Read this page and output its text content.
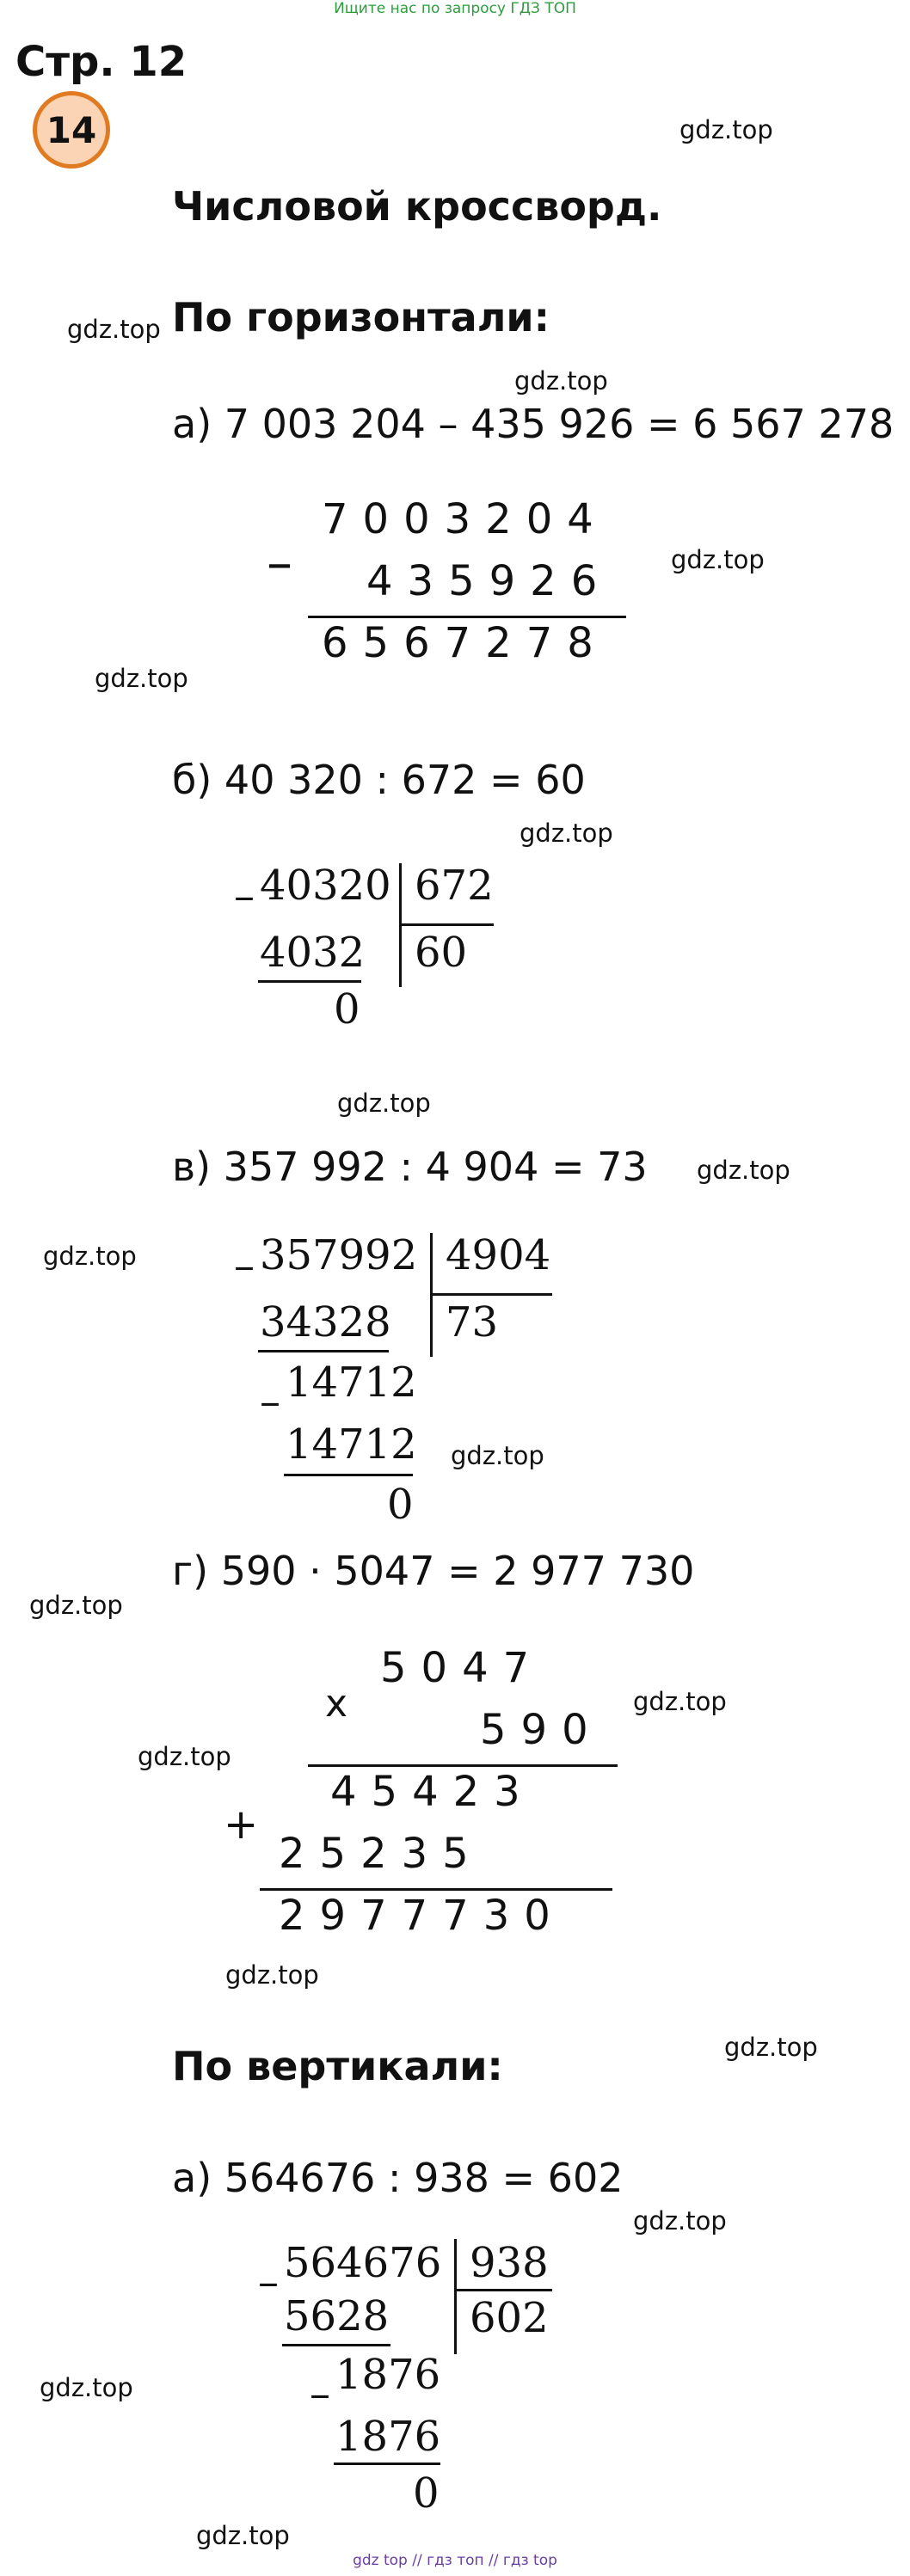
Ищите нас по запросу ГДЗ ТОП
Стр. 12
14
Числовой кроссворд.
По горизонтали:
gdz.top
gdz.top
gdz.top
gdz.top
gdz.top
gdz.top
gdz.top
gdz.top
gdz.top
gdz.top
gdz.top
gdz.top
gdz.top
gdz.top
gdz.top
gdz.top
gdz.top
gdz.top
а) 7 003 204 – 435 926 = 6 567 278
–
7003204
435926
6567278
б) 40 320 : 672 = 60
– 40320 672
60
4032
0
в) 357 992 : 4 904 = 73
– 357992 4904
73
34328
– 14712
14712
0
г) 590 · 5047 = 2 977 730
x
5047
590
45423
+
25235
2977730
По вертикали:
а) 564676 : 938 = 602
– 564676 938
602
5628
– 1876
1876
0
gdz top // гдз топ // гдз top
